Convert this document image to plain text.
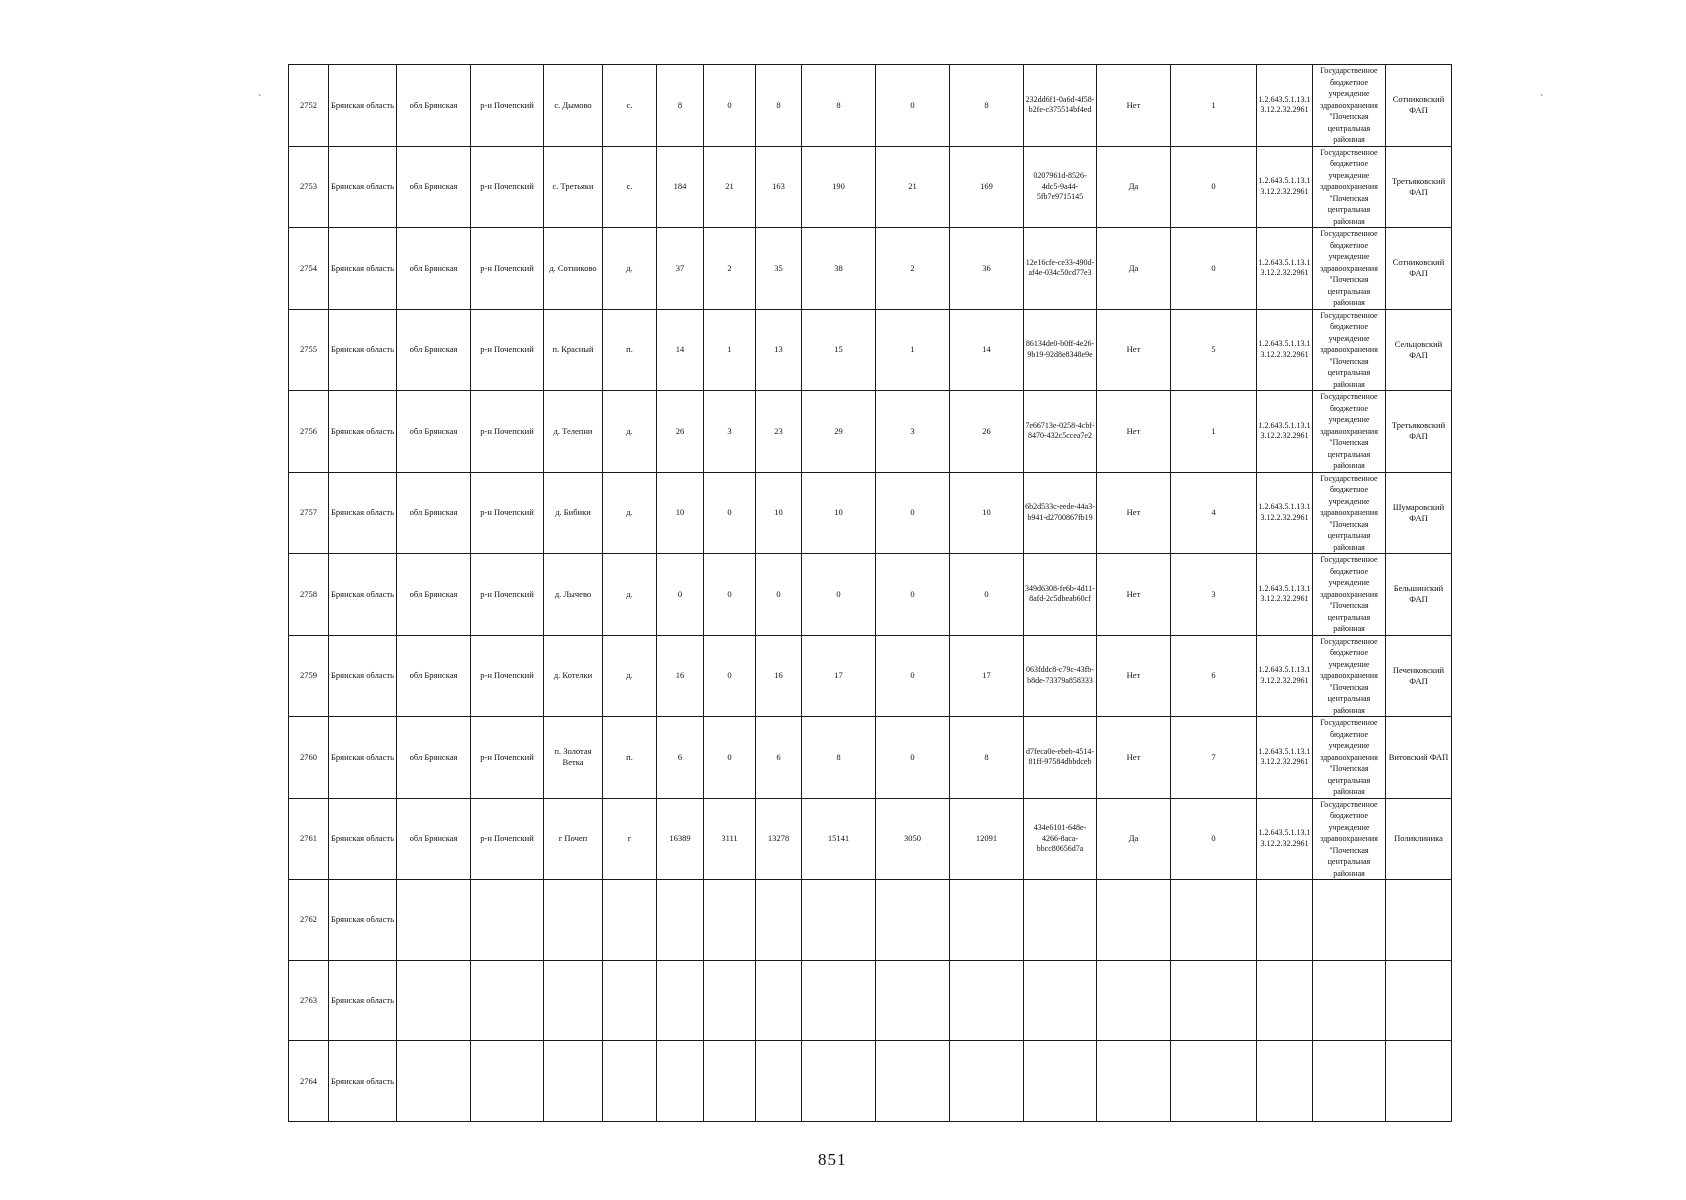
`	`
2752	Брянская область	обл Брянская	р-н Почепский	с. Дымово	с.	8	0	8	8	0	8	232dd6f1-0a6d-4f58-b2fe-c375514bf4ed	Нет	1	1.2.643.5.1.13.13.12.2.32.2961	Государственное бюджетное учреждение здравоохранения "Почепская центральная районная	Сотниковский ФАП
2753	Брянская область	обл Брянская	р-н Почепский	с. Третьяки	с.	184	21	163	190	21	169	0207961d-8526-4dc5-9a44-5fb7e9715145	Да	0	1.2.643.5.1.13.13.12.2.32.2961	Государственное бюджетное учреждение здравоохранения "Почепская центральная районная	Третьяковский ФАП
2754	Брянская область	обл Брянская	р-н Почепский	д. Сотниково	д.	37	2	35	38	2	36	12e16cfe-ce33-490d-af4e-034c50cd77e3	Да	0	1.2.643.5.1.13.13.12.2.32.2961	Государственное бюджетное учреждение здравоохранения "Почепская центральная районная	Сотниковский ФАП
2755	Брянская область	обл Брянская	р-н Почепский	п. Красный	п.	14	1	13	15	1	14	86134de0-b0ff-4e26-9b19-92d8e8348e9e	Нет	5	1.2.643.5.1.13.13.12.2.32.2961	Государственное бюджетное учреждение здравоохранения "Почепская центральная районная	Сельцовский ФАП
2756	Брянская область	обл Брянская	р-н Почепский	д. Телепни	д.	26	3	23	29	3	26	7e66713e-0258-4cbf-8470-432c5ccea7e2	Нет	1	1.2.643.5.1.13.13.12.2.32.2961	Государственное бюджетное учреждение здравоохранения "Почепская центральная районная	Третьяковский ФАП
2757	Брянская область	обл Брянская	р-н Почепский	д. Бибики	д.	10	0	10	10	0	10	6b2d533c-eede-44a3-b941-d2700867fb19	Нет	4	1.2.643.5.1.13.13.12.2.32.2961	Государственное бюджетное учреждение здравоохранения "Почепская центральная районная	Шумаровский ФАП
2758	Брянская область	обл Брянская	р-н Почепский	д. Лычево	д.	0	0	0	0	0	0	349d6308-fe6b-4d11-8afd-2c5dbeab60cf	Нет	3	1.2.643.5.1.13.13.12.2.32.2961	Государственное бюджетное учреждение здравоохранения "Почепская центральная районная	Бельшинский ФАП
2759	Брянская область	обл Брянская	р-н Почепский	д. Котелки	д.	16	0	16	17	0	17	063fddc8-c79c-43fb-b8de-73379a858333	Нет	6	1.2.643.5.1.13.13.12.2.32.2961	Государственное бюджетное учреждение здравоохранения "Почепская центральная районная	Печенковский ФАП
2760	Брянская область	обл Брянская	р-н Почепский	п. Золотая Ветка	п.	6	0	6	8	0	8	d7feca0e-ebeb-4514-81ff-97584dbbdceb	Нет	7	1.2.643.5.1.13.13.12.2.32.2961	Государственное бюджетное учреждение здравоохранения "Почепская центральная районная	Витовский ФАП
2761	Брянская область	обл Брянская	р-н Почепский	г Почеп	г	16389	3111	13278	15141	3050	12091	434e6101-648e-4266-8aca-bbcc80656d7a	Да	0	1.2.643.5.1.13.13.12.2.32.2961	Государственное бюджетное учреждение здравоохранения "Почепская центральная районная	Поликлиника
2762	Брянская область																
2763	Брянская область																
2764	Брянская область																
851
